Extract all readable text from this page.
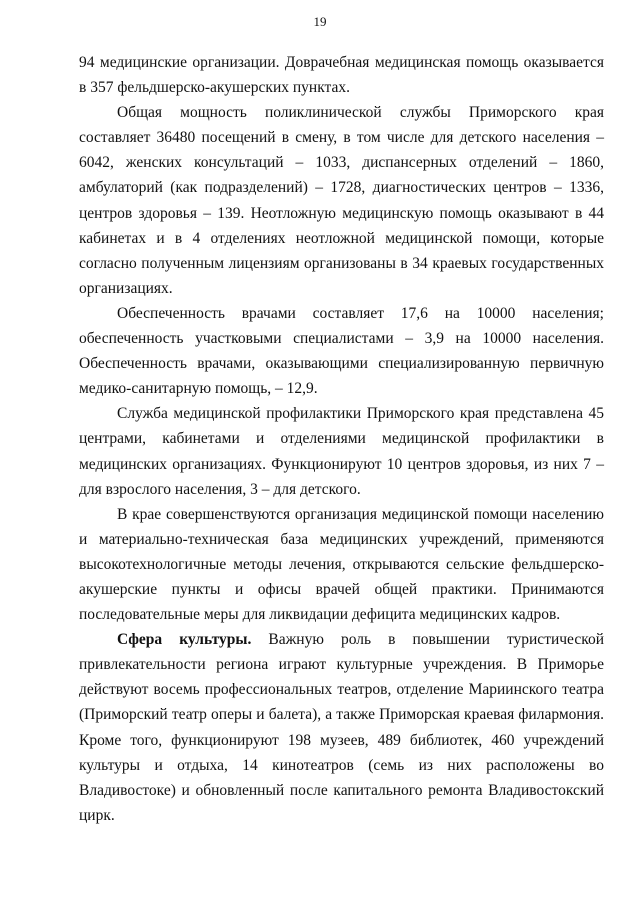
19

94 медицинские организации. Доврачебная медицинская помощь оказывается в 357 фельдшерско-акушерских пунктах.

Общая мощность поликлинической службы Приморского края составляет 36480 посещений в смену, в том числе для детского населения – 6042, женских консультаций – 1033, диспансерных отделений – 1860, амбулаторий (как подразделений) – 1728, диагностических центров – 1336, центров здоровья – 139. Неотложную медицинскую помощь оказывают в 44 кабинетах и в 4 отделениях неотложной медицинской помощи, которые согласно полученным лицензиям организованы в 34 краевых государственных организациях.

Обеспеченность врачами составляет 17,6 на 10000 населения; обеспеченность участковыми специалистами – 3,9 на 10000 населения. Обеспеченность врачами, оказывающими специализированную первичную медико-санитарную помощь, – 12,9.

Служба медицинской профилактики Приморского края представлена 45 центрами, кабинетами и отделениями медицинской профилактики в медицинских организациях. Функционируют 10 центров здоровья, из них 7 – для взрослого населения, 3 – для детского.

В крае совершенствуются организация медицинской помощи населению и материально-техническая база медицинских учреждений, применяются высокотехнологичные методы лечения, открываются сельские фельдшерско-акушерские пункты и офисы врачей общей практики. Принимаются последовательные меры для ликвидации дефицита медицинских кадров.

Сфера культуры. Важную роль в повышении туристической привлекательности региона играют культурные учреждения. В Приморье действуют восемь профессиональных театров, отделение Мариинского театра (Приморский театр оперы и балета), а также Приморская краевая филармония. Кроме того, функционируют 198 музеев, 489 библиотек, 460 учреждений культуры и отдыха, 14 кинотеатров (семь из них расположены во Владивостоке) и обновленный после капитального ремонта Владивостокский цирк.
